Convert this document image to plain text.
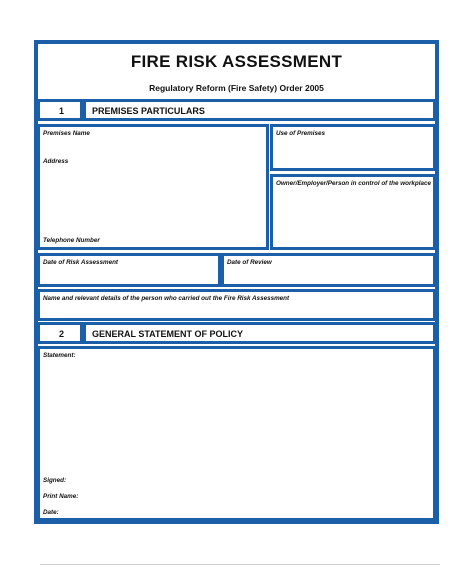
FIRE RISK ASSESSMENT
Regulatory Reform (Fire Safety) Order 2005
1	PREMISES PARTICULARS
Premises Name
Address
Telephone Number
Use of Premises
Owner/Employer/Person in control of the workplace
Date of Risk Assessment	Date of Review
Name and relevant details of the person who carried out the Fire Risk Assessment
2	GENERAL STATEMENT OF POLICY
Statement:
Signed:
Print Name:
Date:
